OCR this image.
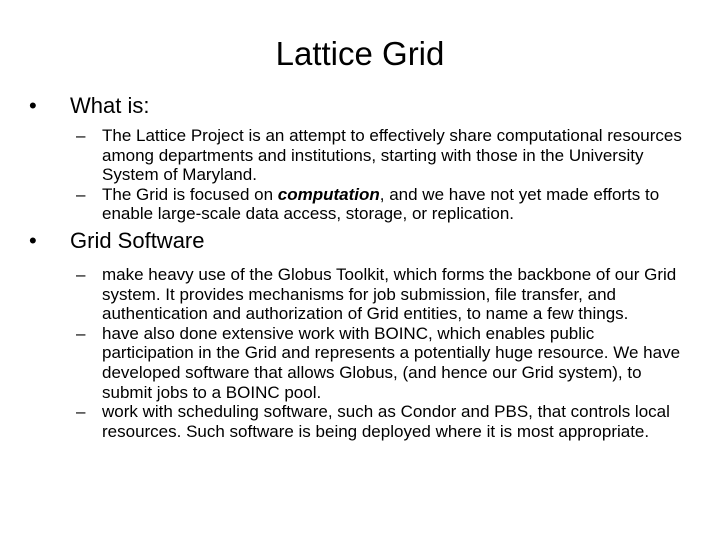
Lattice Grid
• What is:
– The Lattice Project is an attempt to effectively share computational resources among departments and institutions, starting with those in the University System of Maryland.
– The Grid is focused on computation, and we have not yet made efforts to enable large-scale data access, storage, or replication.
• Grid Software
– make heavy use of the Globus Toolkit, which forms the backbone of our Grid system. It provides mechanisms for job submission, file transfer, and authentication and authorization of Grid entities, to name a few things.
– have also done extensive work with BOINC, which enables public participation in the Grid and represents a potentially huge resource. We have developed software that allows Globus, (and hence our Grid system), to submit jobs to a BOINC pool.
– work with scheduling software, such as Condor and PBS, that controls local resources. Such software is being deployed where it is most appropriate.
